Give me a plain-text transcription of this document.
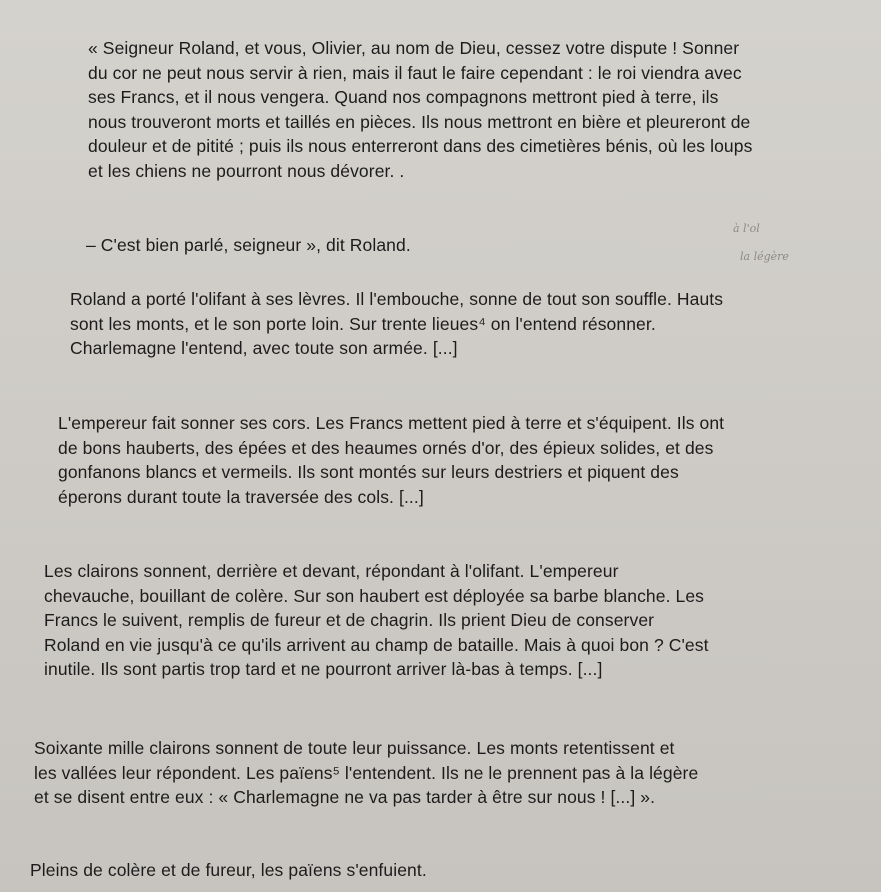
« Seigneur Roland, et vous, Olivier, au nom de Dieu, cessez votre dispute ! Sonner
du cor ne peut nous servir à rien, mais il faut le faire cependant : le roi viendra avec
ses Francs, et il nous vengera. Quand nos compagnons mettront pied à terre, ils
nous trouveront morts et taillés en pièces. Ils nous mettront en bière et pleureront de
douleur et de pitité ; puis ils nous enterreront dans des cimetières bénis, où les loups
et les chiens ne pourront nous dévorer. .
– C'est bien parlé, seigneur », dit Roland.
Roland a porté l'olifant à ses lèvres. Il l'embouche, sonne de tout son souffle. Hauts
sont les monts, et le son porte loin. Sur trente lieues⁴ on l'entend résonner.
Charlemagne l'entend, avec toute son armée. [...]
L'empereur fait sonner ses cors. Les Francs mettent pied à terre et s'équipent. Ils ont
de bons hauberts, des épées et des heaumes ornés d'or, des épieux solides, et des
gonfanons blancs et vermeils. Ils sont montés sur leurs destriers et piquent des
éperons durant toute la traversée des cols. [...]
Les clairons sonnent, derrière et devant, répondant à l'olifant. L'empereur
chevauche, bouillant de colère. Sur son haubert est déployée sa barbe blanche. Les
Francs le suivent, remplis de fureur et de chagrin. Ils prient Dieu de conserver
Roland en vie jusqu'à ce qu'ils arrivent au champ de bataille. Mais à quoi bon ? C'est
inutile. Ils sont partis trop tard et ne pourront arriver là-bas à temps. [...]
Soixante mille clairons sonnent de toute leur puissance. Les monts retentissent et
les vallées leur répondent. Les païens⁵ l'entendent. Ils ne le prennent pas à la légère
et se disent entre eux : « Charlemagne ne va pas tarder à être sur nous ! [...] ».
Pleins de colère et de fureur, les païens s'enfuient.
à l'ol
la légère
